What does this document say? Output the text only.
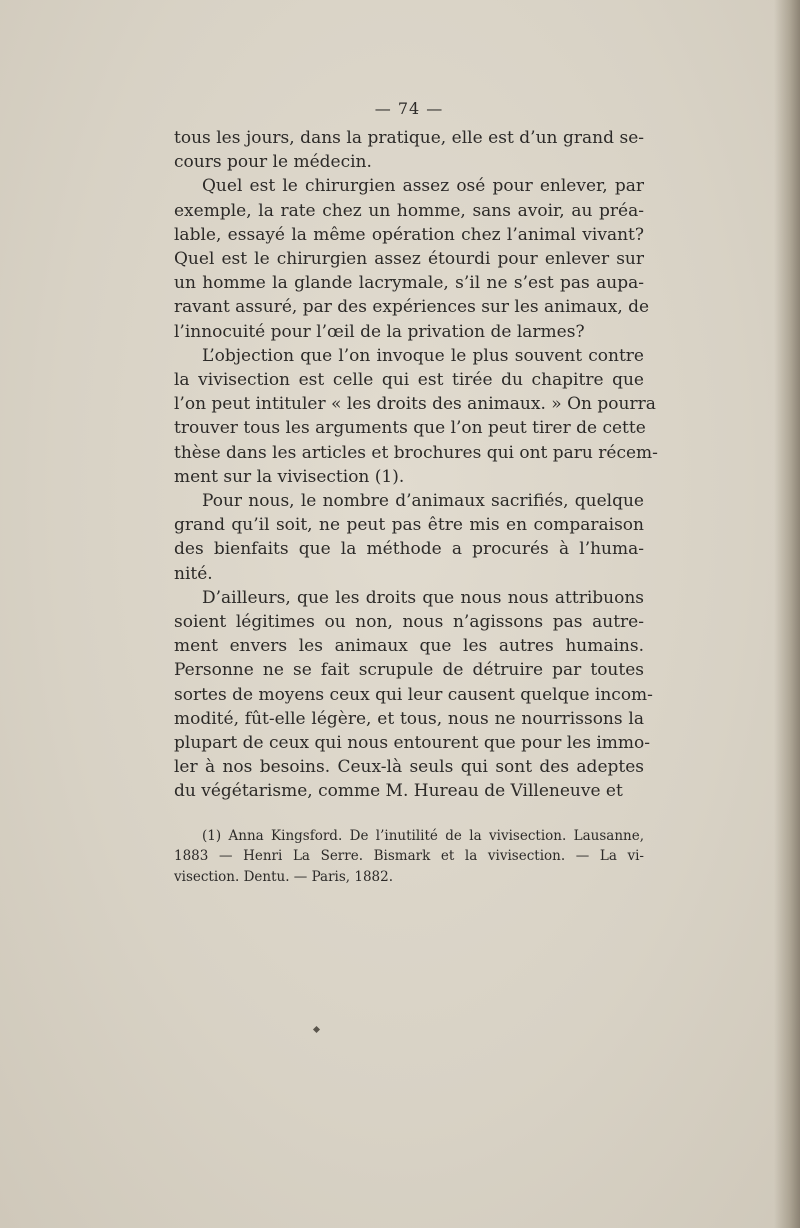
— 74 —
tous les jours, dans la pratique, elle est d’un grand se-
cours pour le médecin.
Quel est le chirurgien assez osé pour enlever, par
exemple, la rate chez un homme, sans avoir, au préa-
lable, essayé la même opération chez l’animal vivant?
Quel est le chirurgien assez étourdi pour enlever sur
un homme la glande lacrymale, s’il ne s’est pas aupa-
ravant assuré, par des expériences sur les animaux, de
l’innocuité pour l’œil de la privation de larmes?
L’objection que l’on invoque le plus souvent contre
la vivisection est celle qui est tirée du chapitre que
l’on peut intituler « les droits des animaux. » On pourra
trouver tous les arguments que l’on peut tirer de cette
thèse dans les articles et brochures qui ont paru récem-
ment sur la vivisection (1).
Pour nous, le nombre d’animaux sacrifiés, quelque
grand qu’il soit, ne peut pas être mis en comparaison
des bienfaits que la méthode a procurés à l’huma-
nité.
D’ailleurs, que les droits que nous nous attribuons
soient légitimes ou non, nous n’agissons pas autre-
ment envers les animaux que les autres humains.
Personne ne se fait scrupule de détruire par toutes
sortes de moyens ceux qui leur causent quelque incom-
modité, fût-elle légère, et tous, nous ne nourrissons la
plupart de ceux qui nous entourent que pour les immo-
ler à nos besoins. Ceux-là seuls qui sont des adeptes
du végétarisme, comme M. Hureau de Villeneuve et
(1) Anna Kingsford. De l’inutilité de la vivisection. Lausanne,
1883 — Henri La Serre. Bismark et la vivisection. — La vi-
visection. Dentu. — Paris, 1882.
